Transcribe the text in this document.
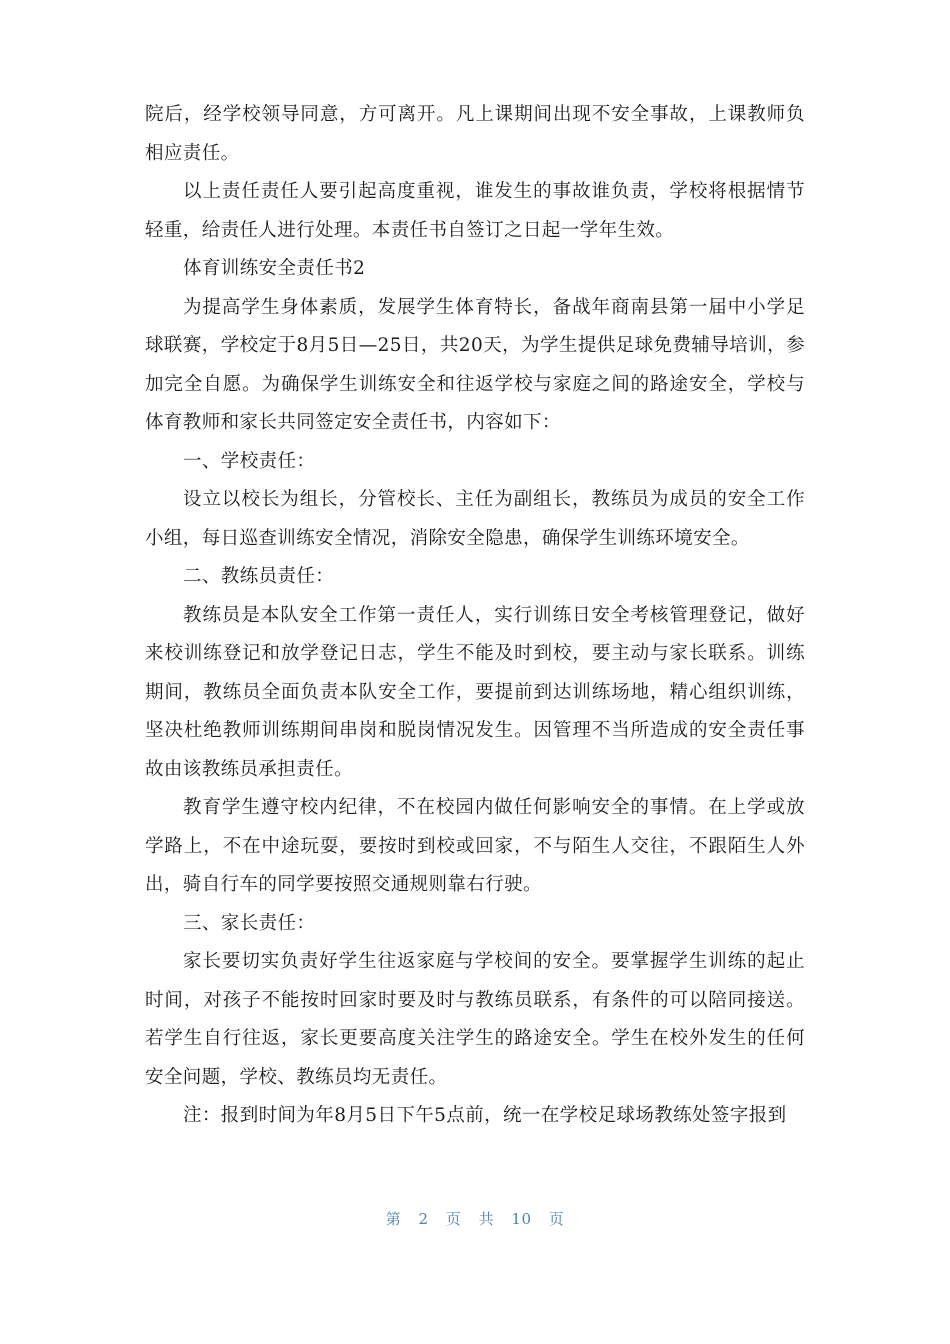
院后，经学校领导同意，方可离开。凡上课期间出现不安全事故，上课教师负相应责任。

以上责任责任人要引起高度重视，谁发生的事故谁负责，学校将根据情节轻重，给责任人进行处理。本责任书自签订之日起一学年生效。

体育训练安全责任书2

为提高学生身体素质，发展学生体育特长，备战年商南县第一届中小学足球联赛，学校定于8月5日—25日，共20天，为学生提供足球免费辅导培训，参加完全自愿。为确保学生训练安全和往返学校与家庭之间的路途安全，学校与体育教师和家长共同签定安全责任书，内容如下：

一、学校责任：

设立以校长为组长，分管校长、主任为副组长，教练员为成员的安全工作小组，每日巡查训练安全情况，消除安全隐患，确保学生训练环境安全。

二、教练员责任：

教练员是本队安全工作第一责任人，实行训练日安全考核管理登记，做好来校训练登记和放学登记日志，学生不能及时到校，要主动与家长联系。训练期间，教练员全面负责本队安全工作，要提前到达训练场地，精心组织训练，坚决杜绝教师训练期间串岗和脱岗情况发生。因管理不当所造成的安全责任事故由该教练员承担责任。

教育学生遵守校内纪律，不在校园内做任何影响安全的事情。在上学或放学路上，不在中途玩耍，要按时到校或回家，不与陌生人交往，不跟陌生人外出，骑自行车的同学要按照交通规则靠右行驶。

三、家长责任：

家长要切实负责好学生往返家庭与学校间的安全。要掌握学生训练的起止时间，对孩子不能按时回家时要及时与教练员联系，有条件的可以陪同接送。若学生自行往返，家长更要高度关注学生的路途安全。学生在校外发生的任何安全问题，学校、教练员均无责任。

注：报到时间为年8月5日下午5点前，统一在学校足球场教练处签字报到

第 2 页 共 10 页
